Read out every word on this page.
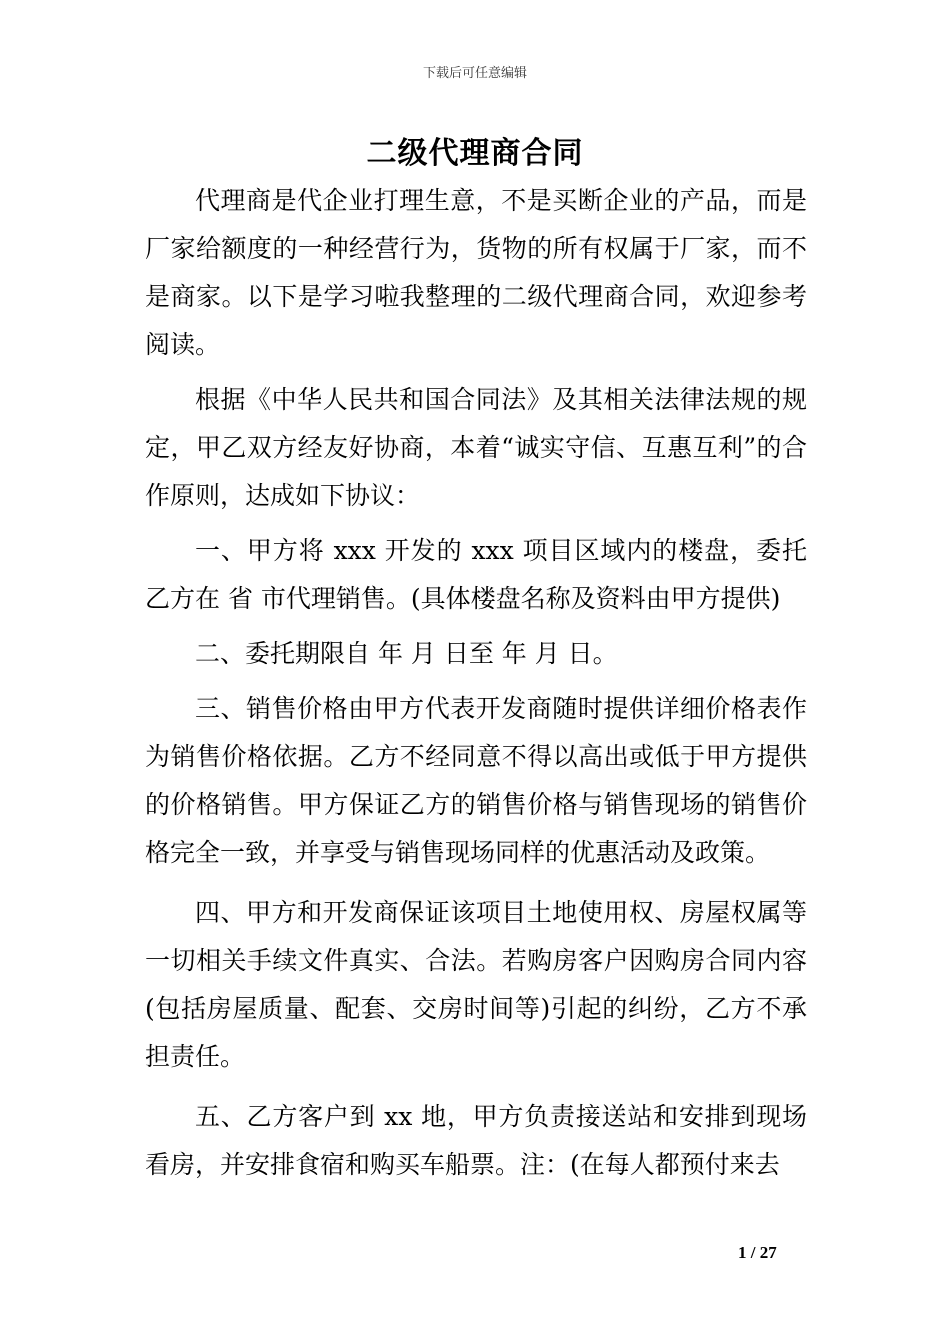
下载后可任意编辑
二级代理商合同

代理商是代企业打理生意，不是买断企业的产品，而是厂家给额度的一种经营行为，货物的所有权属于厂家，而不是商家。以下是学习啦我整理的二级代理商合同，欢迎参考阅读。

根据《中华人民共和国合同法》及其相关法律法规的规定，甲乙双方经友好协商，本着“诚实守信、互惠互利”的合作原则，达成如下协议：

一、甲方将 xxx 开发的 xxx 项目区域内的楼盘，委托乙方在 省 市代理销售。(具体楼盘名称及资料由甲方提供)

二、委托期限自 年 月 日至 年 月 日。

三、销售价格由甲方代表开发商随时提供详细价格表作为销售价格依据。乙方不经同意不得以高出或低于甲方提供的价格销售。甲方保证乙方的销售价格与销售现场的销售价格完全一致，并享受与销售现场同样的优惠活动及政策。

四、甲方和开发商保证该项目土地使用权、房屋权属等一切相关手续文件真实、合法。若购房客户因购房合同内容(包括房屋质量、配套、交房时间等)引起的纠纷，乙方不承担责任。

五、乙方客户到 xx 地，甲方负责接送站和安排到现场看房，并安排食宿和购买车船票。注：(在每人都预付来去

1 / 27
